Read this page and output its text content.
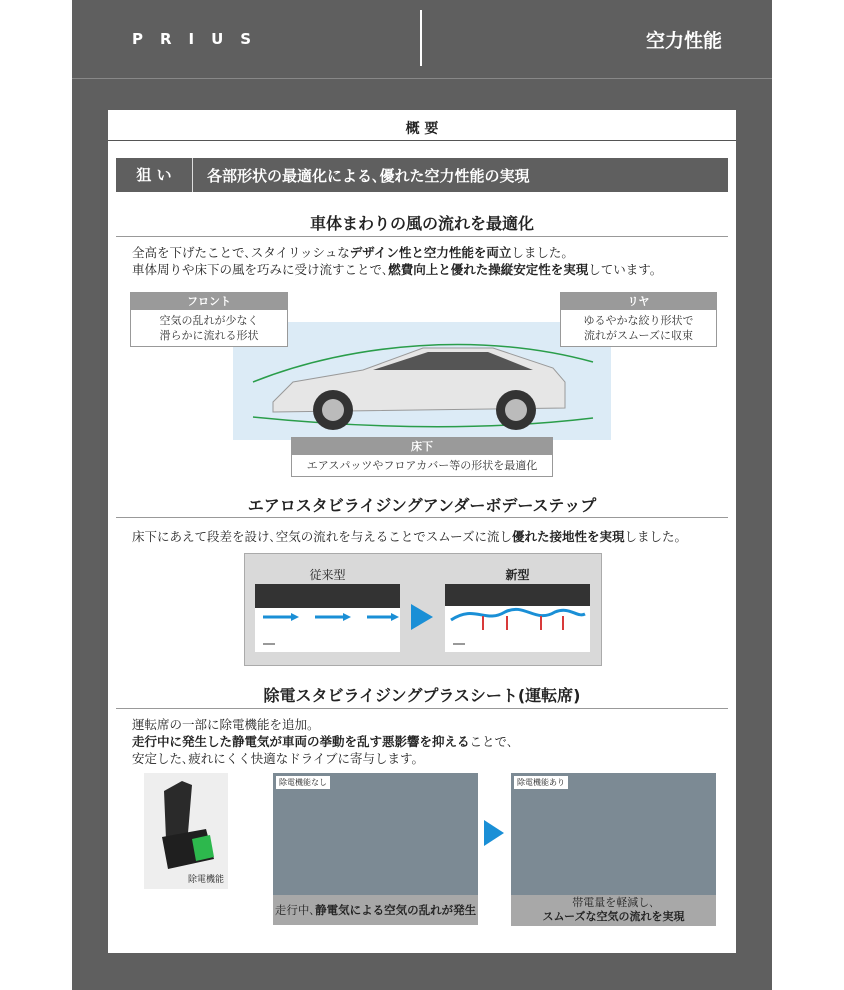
PRIUS	空力性能
概 要
狙 い	各部形状の最適化による､優れた空力性能の実現
車体まわりの風の流れを最適化
全高を下げたことで､スタイリッシュなデザイン性と空力性能を両立しました。
車体周りや床下の風を巧みに受け流すことで､燃費向上と優れた操縦安定性を実現しています。
フロント
空気の乱れが少なく
滑らかに流れる形状
リヤ
ゆるやかな絞り形状で
流れがスムーズに収束
床下
エアスパッツやフロアカバー等の形状を最適化
エアロスタビライジングアンダーボデーステップ
床下にあえて段差を設け､空気の流れを与えることでスムーズに流し優れた接地性を実現しました。
従来型	新型
除電スタビライジングプラスシート(運転席)
運転席の一部に除電機能を追加。
走行中に発生した静電気が車両の挙動を乱す悪影響を抑えることで､
安定した､疲れにくく快適なドライブに寄与します。
除電機能
除電機能なし
走行中､静電気による空気の乱れが発生
除電機能あり
帯電量を軽減し､
スムーズな空気の流れを実現
